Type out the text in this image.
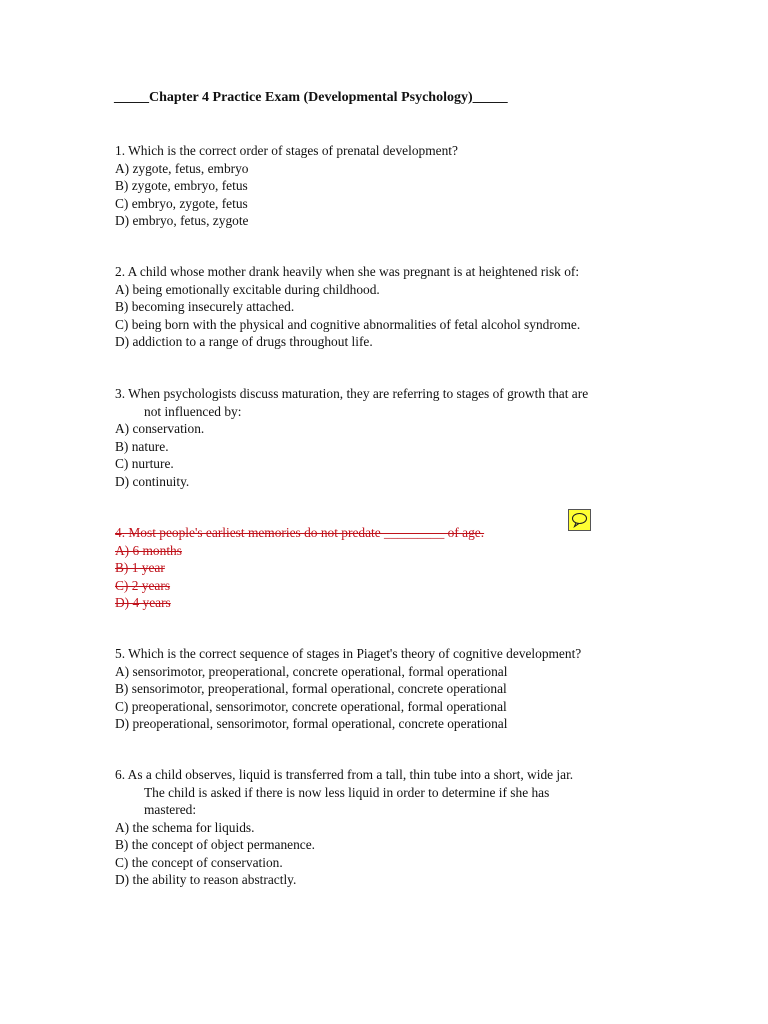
_____Chapter 4 Practice Exam (Developmental Psychology)_____
1. Which is the correct order of stages of prenatal development?
A) zygote, fetus, embryo
B) zygote, embryo, fetus
C) embryo, zygote, fetus
D) embryo, fetus, zygote
2. A child whose mother drank heavily when she was pregnant is at heightened risk of:
A) being emotionally excitable during childhood.
B) becoming insecurely attached.
C) being born with the physical and cognitive abnormalities of fetal alcohol syndrome.
D) addiction to a range of drugs throughout life.
3. When psychologists discuss maturation, they are referring to stages of growth that are
not influenced by:
A) conservation.
B) nature.
C) nurture.
D) continuity.
4. Most people's earliest memories do not predate _________ of age.
A) 6 months
B) 1 year
C) 2 years
D) 4 years
5. Which is the correct sequence of stages in Piaget's theory of cognitive development?
A) sensorimotor, preoperational, concrete operational, formal operational
B) sensorimotor, preoperational, formal operational, concrete operational
C) preoperational, sensorimotor, concrete operational, formal operational
D) preoperational, sensorimotor, formal operational, concrete operational
6. As a child observes, liquid is transferred from a tall, thin tube into a short, wide jar.
The child is asked if there is now less liquid in order to determine if she has
mastered:
A) the schema for liquids.
B) the concept of object permanence.
C) the concept of conservation.
D) the ability to reason abstractly.
